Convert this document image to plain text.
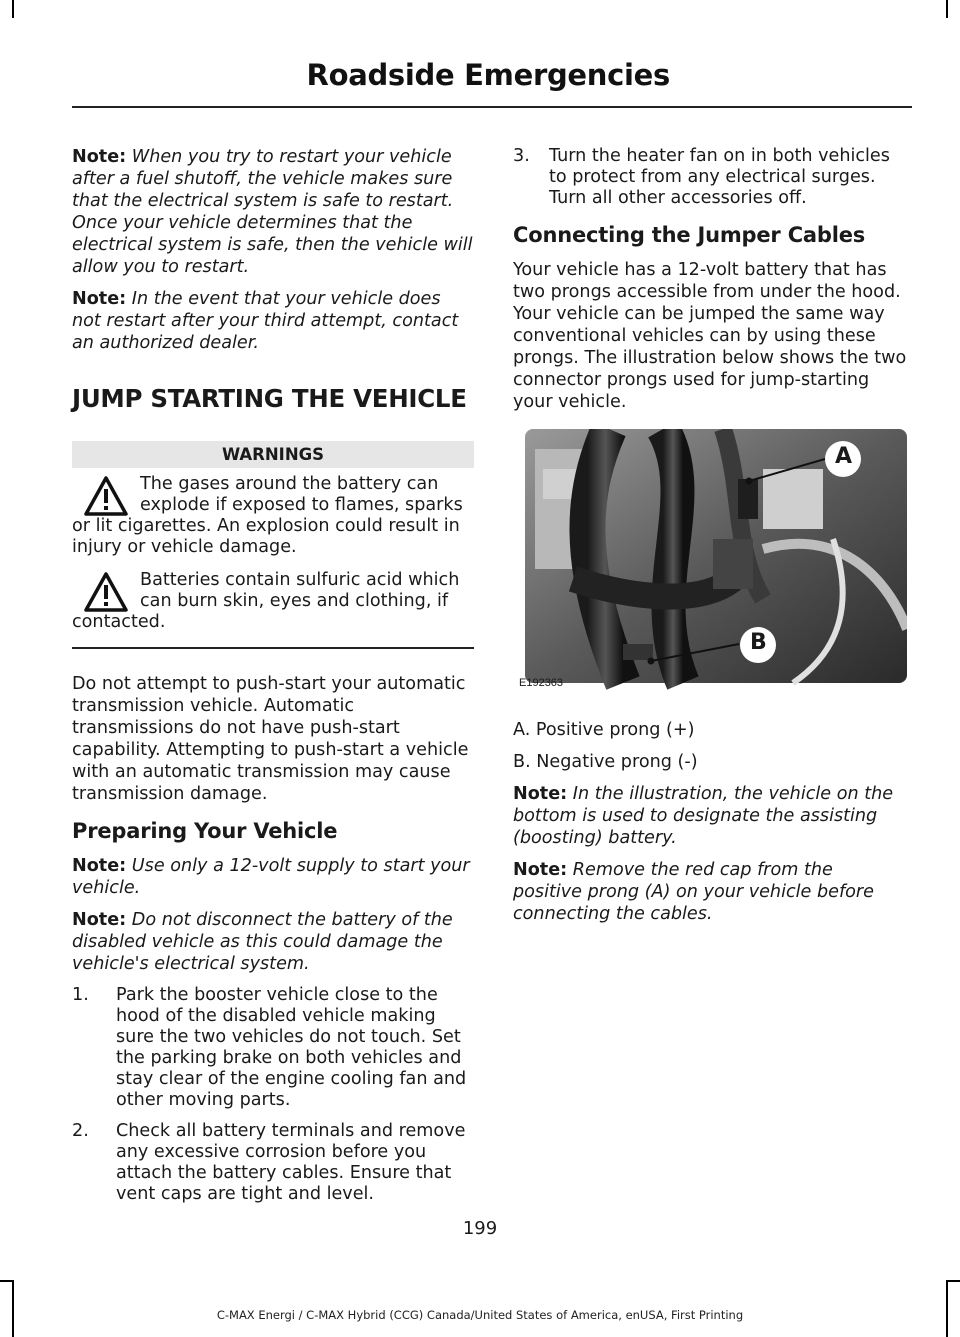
Roadside Emergencies

Note: When you try to restart your vehicle after a fuel shutoff, the vehicle makes sure that the electrical system is safe to restart. Once your vehicle determines that the electrical system is safe, then the vehicle will allow you to restart.

Note: In the event that your vehicle does not restart after your third attempt, contact an authorized dealer.

JUMP STARTING THE VEHICLE
WARNINGS
The gases around the battery can explode if exposed to flames, sparks or lit cigarettes. An explosion could result in injury or vehicle damage.
Batteries contain sulfuric acid which can burn skin, eyes and clothing, if contacted.

Do not attempt to push-start your automatic transmission vehicle. Automatic transmissions do not have push-start capability. Attempting to push-start a vehicle with an automatic transmission may cause transmission damage.

Preparing Your Vehicle

Note: Use only a 12-volt supply to start your vehicle.

Note: Do not disconnect the battery of the disabled vehicle as this could damage the vehicle's electrical system.

1. Park the booster vehicle close to the hood of the disabled vehicle making sure the two vehicles do not touch. Set the parking brake on both vehicles and stay clear of the engine cooling fan and other moving parts.
2. Check all battery terminals and remove any excessive corrosion before you attach the battery cables. Ensure that vent caps are tight and level.
3. Turn the heater fan on in both vehicles to protect from any electrical surges. Turn all other accessories off.
Connecting the Jumper Cables

Your vehicle has a 12-volt battery that has two prongs accessible from under the hood. Your vehicle can be jumped the same way conventional vehicles can by using these prongs. The illustration below shows the two connector prongs used for jump-starting your vehicle.

A
B
E192363

A. Positive prong (+)

B. Negative prong (-)

Note: In the illustration, the vehicle on the bottom is used to designate the assisting (boosting) battery.

Note: Remove the red cap from the positive prong (A) on your vehicle before connecting the cables.

199
C-MAX Energi / C-MAX Hybrid (CCG) Canada/United States of America, enUSA, First Printing
